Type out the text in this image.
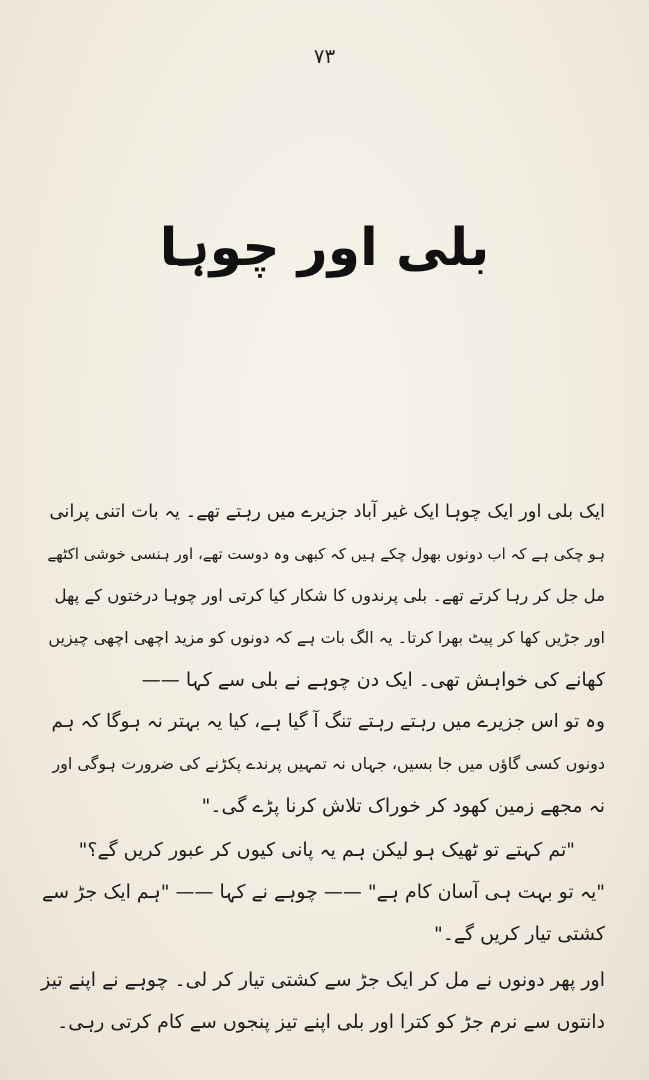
۷۳
بلی اور چوہا
ایک بلی اور ایک چوہا ایک غیر آباد جزیرے میں رہتے تھے۔ یہ بات اتنی پرانی
ہو چکی ہے کہ اب دونوں بھول چکے ہیں کہ کبھی وہ دوست تھے، اور ہنسی خوشی اکٹھے
مل جل کر رہا کرتے تھے۔ بلی پرندوں کا شکار کیا کرتی اور چوہا درختوں کے پھل
اور جڑیں کھا کر پیٹ بھرا کرتا۔ یہ الگ بات ہے کہ دونوں کو مزید اچھی اچھی چیزیں
کھانے کی خواہش تھی۔ ایک دن چوہے نے بلی سے کہا ——
وہ تو اس جزیرے میں رہتے رہتے تنگ آ گیا ہے، کیا یہ بہتر نہ ہوگا کہ ہم
دونوں کسی گاؤں میں جا بسیں، جہاں نہ تمہیں پرندے پکڑنے کی ضرورت ہوگی اور
نہ مجھے زمین کھود کر خوراک تلاش کرنا پڑے گی۔"
"تم کہتے تو ٹھیک ہو لیکن ہم یہ پانی کیوں کر عبور کریں گے؟"
"یہ تو بہت ہی آسان کام ہے" —— چوہے نے کہا —— "ہم ایک جڑ سے
کشتی تیار کریں گے۔"
اور پھر دونوں نے مل کر ایک جڑ سے کشتی تیار کر لی۔ چوہے نے اپنے تیز
دانتوں سے نرم جڑ کو کترا اور بلی اپنے تیز پنجوں سے کام کرتی رہی۔
